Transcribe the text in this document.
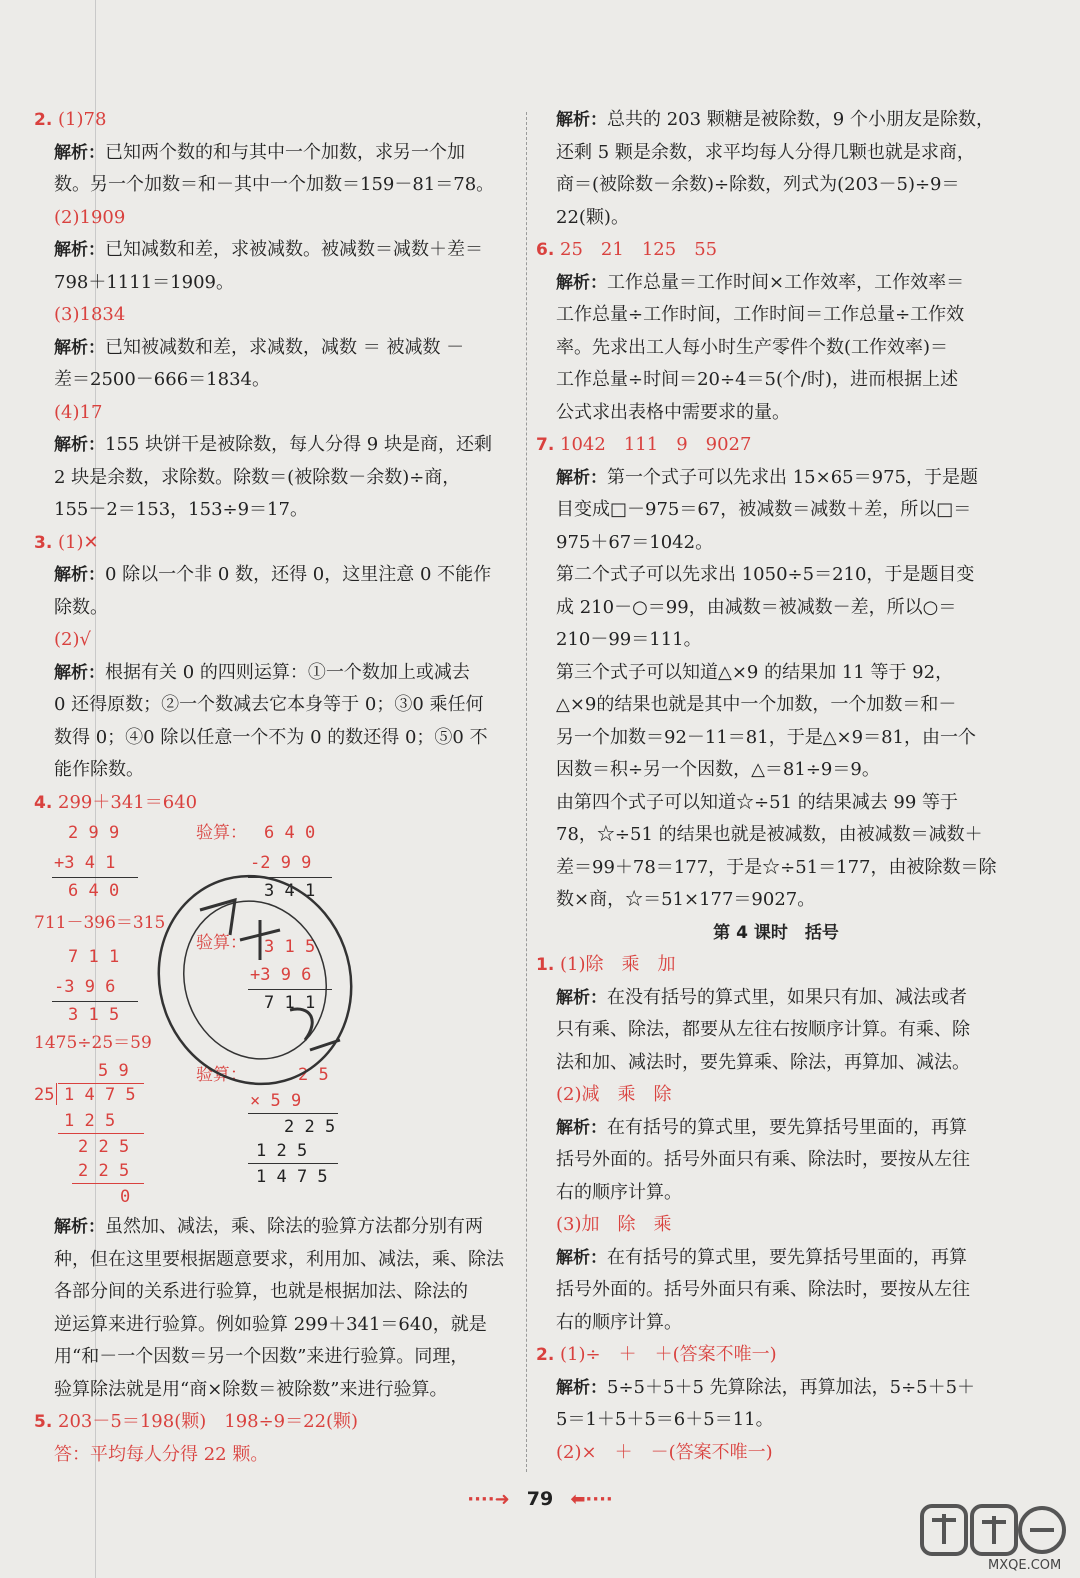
2. (1)78
解析：已知两个数的和与其中一个加数，求另一个加
数。另一个加数＝和－其中一个加数＝159－81＝78。
(2)1909
解析：已知减数和差，求被减数。被减数＝减数＋差＝
798＋1111＝1909。
(3)1834
解析：已知被减数和差，求减数，减数 ＝ 被减数 －
差＝2500－666＝1834。
(4)17
解析：155 块饼干是被除数，每人分得 9 块是商，还剩
2 块是余数，求除数。除数＝(被除数－余数)÷商，
155－2＝153，153÷9＝17。
3. (1)✕
解析：0 除以一个非 0 数，还得 0，这里注意 0 不能作
除数。
(2)√
解析：根据有关 0 的四则运算：①一个数加上或减去
0 还得原数；②一个数减去它本身等于 0；③0 乘任何
数得 0；④0 除以任意一个不为 0 的数还得 0；⑤0 不
能作除数。
4. 299＋341＝640
2 9 9
+3 4 1
6 4 0
验算： 6 4 0
-2 9 9
3 4 1
711－396＝315
7 1 1
-3 9 6
3 1 5
验算： 3 1 5
+3 9 6
7 1 1
1475÷25＝59
5 9
25 1 4 7 5
1 2 5
2 2 5
2 2 5
0
验算：	2 5
× 5 9
2 2 5
1 2 5
1 4 7 5
解析：虽然加、减法，乘、除法的验算方法都分别有两
种，但在这里要根据题意要求，利用加、减法，乘、除法
各部分间的关系进行验算，也就是根据加法、除法的
逆运算来进行验算。例如验算 299＋341＝640，就是
用“和－一个因数＝另一个因数”来进行验算。同理，
验算除法就是用“商×除数＝被除数”来进行验算。
5. 203－5＝198(颗)　198÷9＝22(颗)
答：平均每人分得 22 颗。
解析：总共的 203 颗糖是被除数，9 个小朋友是除数，
还剩 5 颗是余数，求平均每人分得几颗也就是求商，
商＝(被除数－余数)÷除数，列式为(203－5)÷9＝
22(颗)。
6. 25　21　125　55
解析：工作总量＝工作时间×工作效率，工作效率＝
工作总量÷工作时间，工作时间＝工作总量÷工作效
率。先求出工人每小时生产零件个数(工作效率)＝
工作总量÷时间＝20÷4＝5(个/时)，进而根据上述
公式求出表格中需要求的量。
7. 1042　111　9　9027
解析：第一个式子可以先求出 15×65＝975，于是题
目变成□－975＝67，被减数＝减数＋差，所以□＝
975＋67＝1042。
第二个式子可以先求出 1050÷5＝210，于是题目变
成 210－○＝99，由减数＝被减数－差，所以○＝
210－99＝111。
第三个式子可以知道△×9 的结果加 11 等于 92，
△×9的结果也就是其中一个加数，一个加数＝和－
另一个加数＝92－11＝81，于是△×9＝81，由一个
因数＝积÷另一个因数，△＝81÷9＝9。
由第四个式子可以知道☆÷51 的结果减去 99 等于
78，☆÷51 的结果也就是被减数，由被减数＝减数＋
差＝99＋78＝177，于是☆÷51＝177，由被除数＝除
数×商，☆＝51×177＝9027。
第 4 课时　括号
1. (1)除　乘　加
解析：在没有括号的算式里，如果只有加、减法或者
只有乘、除法，都要从左往右按顺序计算。有乘、除
法和加、减法时，要先算乘、除法，再算加、减法。
(2)减　乘　除
解析：在有括号的算式里，要先算括号里面的，再算
括号外面的。括号外面只有乘、除法时，要按从左往
右的顺序计算。
(3)加　除　乘
解析：在有括号的算式里，要先算括号里面的，再算
括号外面的。括号外面只有乘、除法时，要按从左往
右的顺序计算。
2. (1)÷　＋　＋(答案不唯一)
解析：5÷5＋5＋5 先算除法，再算加法，5÷5＋5＋
5＝1＋5＋5＝6＋5＝11。
(2)×　＋　－(答案不唯一)
····➜ 79 ⬅····
MXQE.COM
